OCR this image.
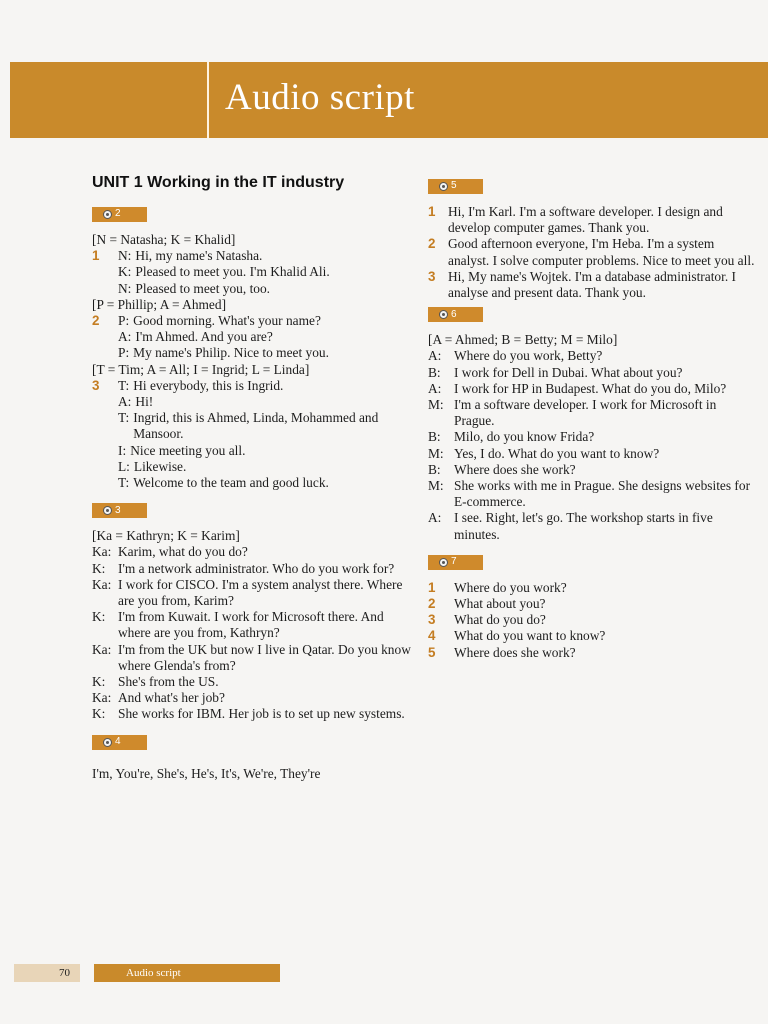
Audio script
UNIT 1 Working in the IT industry
2
[N = Natasha; K = Khalid]
1	N: Hi, my name's Natasha.
K: Pleased to meet you. I'm Khalid Ali.
N: Pleased to meet you, too.
[P = Phillip; A = Ahmed]
2	P: Good morning. What's your name?
A: I'm Ahmed. And you are?
P: My name's Philip. Nice to meet you.
[T = Tim; A = All; I = Ingrid; L = Linda]
3	T: Hi everybody, this is Ingrid.
A: Hi!
T: Ingrid, this is Ahmed, Linda, Mohammed and Mansoor.
I: Nice meeting you all.
L: Likewise.
T: Welcome to the team and good luck.
3
[Ka = Kathryn; K = Karim]
Ka: Karim, what do you do?
K: I'm a network administrator. Who do you work for?
Ka: I work for CISCO. I'm a system analyst there. Where are you from, Karim?
K: I'm from Kuwait. I work for Microsoft there. And where are you from, Kathryn?
Ka: I'm from the UK but now I live in Qatar. Do you know where Glenda's from?
K: She's from the US.
Ka: And what's her job?
K: She works for IBM. Her job is to set up new systems.
4
I'm, You're, She's, He's, It's, We're, They're
5
1 Hi, I'm Karl. I'm a software developer. I design and develop computer games. Thank you.
2 Good afternoon everyone, I'm Heba. I'm a system analyst. I solve computer problems. Nice to meet you all.
3 Hi, My name's Wojtek. I'm a database administrator. I analyse and present data. Thank you.
6
[A = Ahmed; B = Betty; M = Milo]
A: Where do you work, Betty?
B: I work for Dell in Dubai. What about you?
A: I work for HP in Budapest. What do you do, Milo?
M: I'm a software developer. I work for Microsoft in Prague.
B: Milo, do you know Frida?
M: Yes, I do. What do you want to know?
B: Where does she work?
M: She works with me in Prague. She designs websites for E-commerce.
A: I see. Right, let's go. The workshop starts in five minutes.
7
1	Where do you work?
2	What about you?
3	What do you do?
4	What do you want to know?
5	Where does she work?
70	Audio script
